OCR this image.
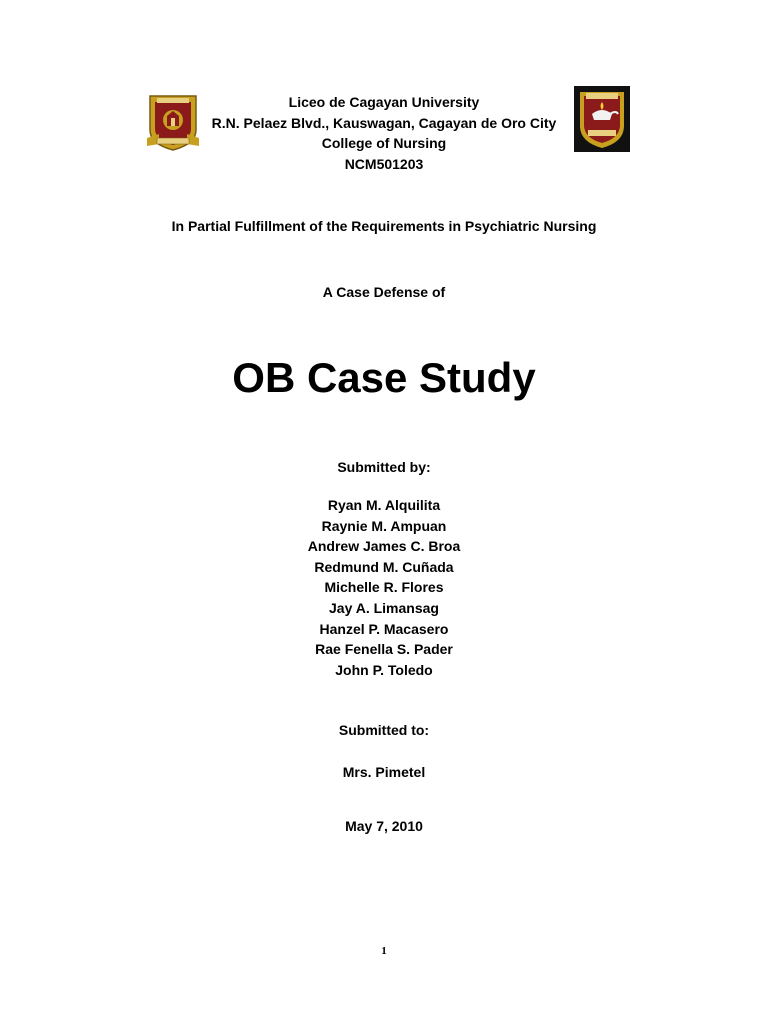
Liceo de Cagayan University
R.N. Pelaez Blvd., Kauswagan, Cagayan de Oro City
College of Nursing
NCM501203
In Partial Fulfillment of the Requirements in Psychiatric Nursing
A Case Defense of
OB Case Study
Submitted by:
Ryan M. Alquilita
Raynie M. Ampuan
Andrew James C. Broa
Redmund M. Cuñada
Michelle R. Flores
Jay A. Limansag
Hanzel P. Macasero
Rae Fenella S. Pader
John P. Toledo
Submitted to:
Mrs. Pimetel
May 7, 2010
1
